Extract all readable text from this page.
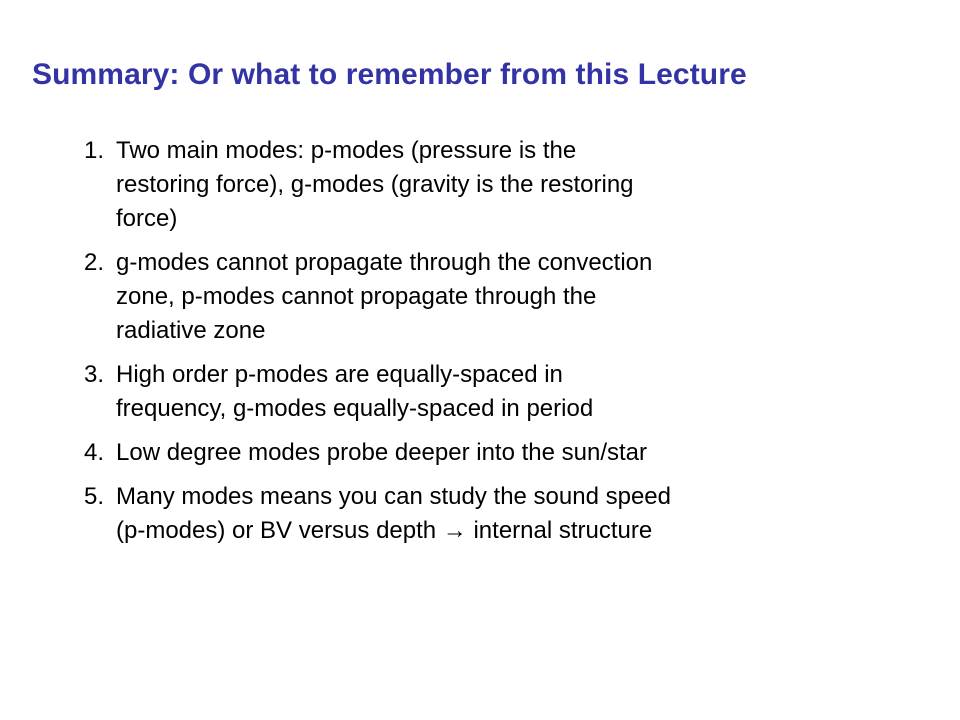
Summary: Or what to remember from this Lecture
1. Two main modes: p-modes (pressure is the
restoring force), g-modes (gravity is the restoring
force)
2. g-modes cannot propagate through the convection
zone, p-modes cannot propagate through the
radiative zone
3. High order p-modes are equally-spaced in
frequency, g-modes equally-spaced in period
4. Low degree modes probe deeper into the sun/star
5. Many modes means you can study the sound speed
(p-modes) or BV versus depth → internal structure
